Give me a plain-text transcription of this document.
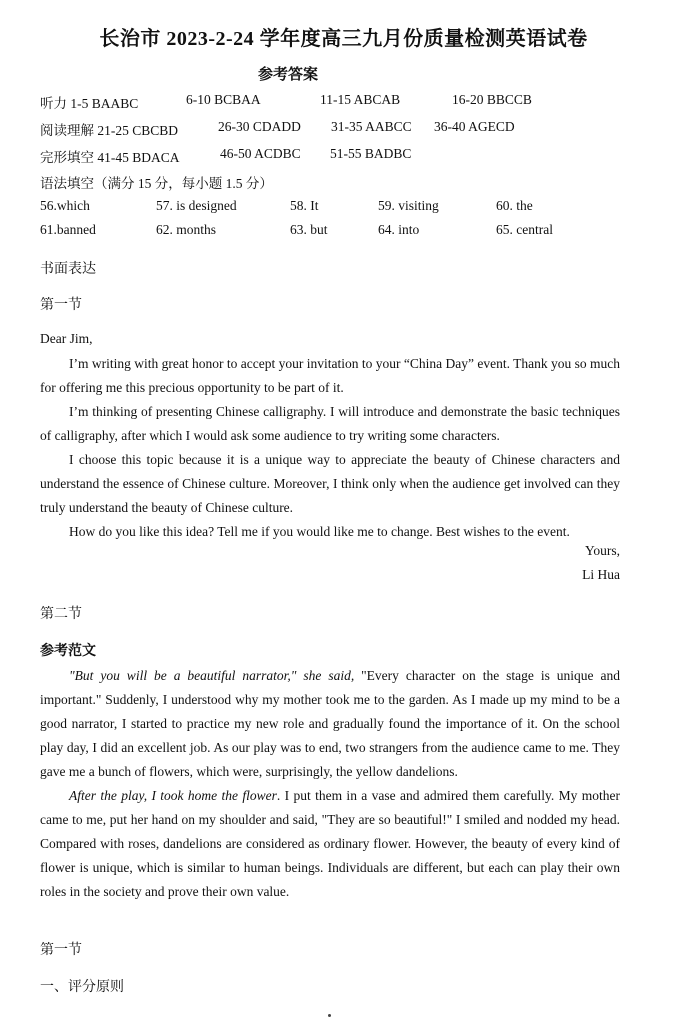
长治市 2023-2-24 学年度高三九月份质量检测英语试卷
参考答案
听力 1-5 BAABC	6-10 BCBAA	11-15 ABCAB	16-20 BBCCB
阅读理解 21-25 CBCBD	26-30 CDADD 31-35 AABCC 36-40 AGECD
完形填空 41-45 BDACA	46-50 ACDBC 51-55 BADBC
语法填空（满分 15 分，每小题 1.5 分）
56.which	57. is designed	58. It	59. visiting	60. the
61.banned	62. months	63. but	64. into	65. central
书面表达
第一节
Dear Jim,

I’m writing with great honor to accept your invitation to your “China Day” event. Thank you so much for offering me this precious opportunity to be part of it.

I’m thinking of presenting Chinese calligraphy. I will introduce and demonstrate the basic techniques of calligraphy, after which I would ask some audience to try writing some characters.

I choose this topic because it is a unique way to appreciate the beauty of Chinese characters and understand the essence of Chinese culture. Moreover, I think only when the audience get involved can they truly understand the beauty of Chinese culture.

How do you like this idea? Tell me if you would like me to change. Best wishes to the event.

Yours,
Li Hua
第二节
参考范文

"But you will be a beautiful narrator," she said, "Every character on the stage is unique and important." Suddenly, I understood why my mother took me to the garden. As I made up my mind to be a good narrator, I started to practice my new role and gradually found the importance of it. On the school play day, I did an excellent job. As our play was to end, two strangers from the audience came to me. They gave me a bunch of flowers, which were, surprisingly, the yellow dandelions.

After the play, I took home the flower. I put them in a vase and admired them carefully. My mother came to me, put her hand on my shoulder and said, "They are so beautiful!" I smiled and nodded my head. Compared with roses, dandelions are considered as ordinary flower. However, the beauty of every kind of flower is unique, which is similar to human beings. Individuals are different, but each can play their own roles in the society and prove their own value.

第一节
一、评分原则
